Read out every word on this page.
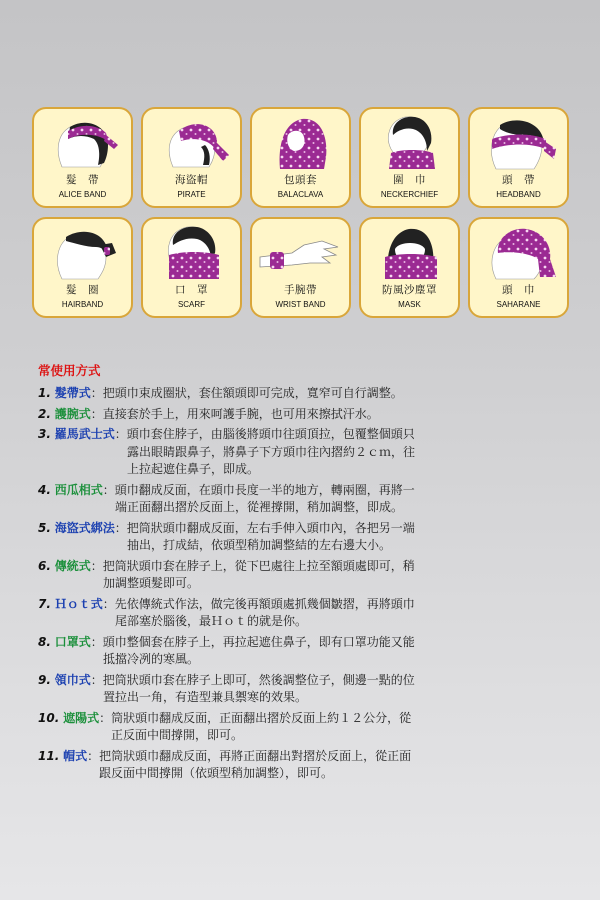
髮　帶
ALICE BAND
海盜帽
PIRATE
包頭套
BALACLAVA
圍　巾
NECKERCHIEF
頭　帶
HEADBAND
髮　圈
HAIRBAND
口　罩
SCARF
手腕帶
WRIST BAND
防風沙塵罩
MASK
頭　巾
SAHARANE
常使用方式
1. 髮帶式：把頭巾束成圈狀，套住額頭即可完成，寬窄可自行調整。
2. 護腕式：直接套於手上，用來呵護手腕，也可用來擦拭汗水。
3. 羅馬武士式：頭巾套住脖子，由腦後將頭巾往頭頂拉，包覆整個頭只
露出眼睛跟鼻子，將鼻子下方頭巾往內摺約２ｃｍ，往
上拉起遮住鼻子，即成。
4. 西瓜相式：頭巾翻成反面，在頭巾長度一半的地方，轉兩圈，再將一
端正面翻出摺於反面上，從裡撐開，稍加調整，即成。
5. 海盜式綁法：把筒狀頭巾翻成反面，左右手伸入頭巾內，各把另一端
抽出，打成結，依頭型稍加調整結的左右邊大小。
6. 傳統式：把筒狀頭巾套在脖子上，從下巴處往上拉至額頭處即可，稍
加調整頭髮即可。
7. Ｈｏｔ式：先依傳統式作法，做完後再額頭處抓幾個皺摺，再將頭巾
尾部塞於腦後，最Ｈｏｔ的就是你。
8. 口罩式：頭巾整個套在脖子上，再拉起遮住鼻子，即有口罩功能又能
抵擋冷冽的寒風。
9. 領巾式：把筒狀頭巾套在脖子上即可，然後調整位子，側邊一點的位
置拉出一角，有造型兼具禦寒的效果。
10. 遮陽式：筒狀頭巾翻成反面，正面翻出摺於反面上約１２公分，從
正反面中間撐開，即可。
11. 帽式：把筒狀頭巾翻成反面，再將正面翻出對摺於反面上，從正面
跟反面中間撐開（依頭型稍加調整），即可。
